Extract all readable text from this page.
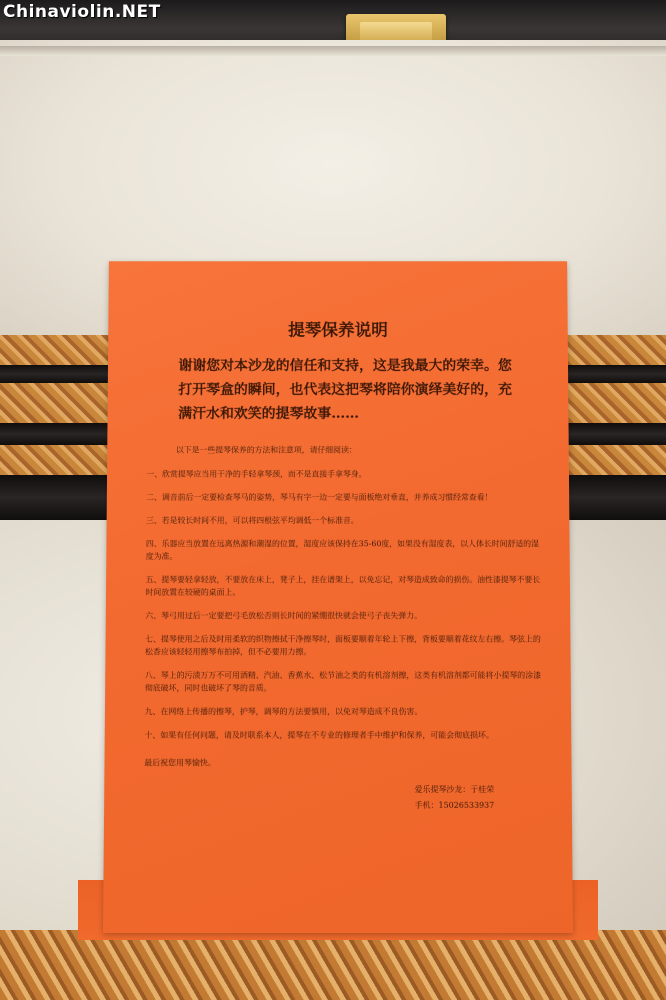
提琴保养说明
谢谢您对本沙龙的信任和支持，这是我最大的荣幸。您打开琴盒的瞬间，也代表这把琴将陪你演绎美好的，充满汗水和欢笑的提琴故事……
以下是一些提琴保养的方法和注意项，请仔细阅读：
一、欣赏提琴应当用干净的手轻拿琴颈，而不是直接手拿琴身。
二、调音前后一定要检查琴马的姿势，琴马有字一边一定要与面板绝对垂直，并养成习惯经常查看！
三、若是较长时间不用，可以将四根弦平均调低一个标准音。
四、乐器应当放置在远离热源和潮湿的位置，湿度应该保持在35-60度，如果没有湿度表，以人体长时间舒适的湿度为准。
五、提琴要轻拿轻放，不要放在床上，凳子上，挂在谱架上，以免忘记，对琴造成致命的损伤。油性漆提琴不要长时间放置在较硬的桌面上。
六、琴弓用过后一定要把弓毛放松否则长时间的紧绷很快就会使弓子丧失弹力。
七、提琴使用之后及时用柔软的织物擦拭干净擦琴时，面板要顺着年轮上下擦，背板要顺着花纹左右擦。琴弦上的松香应该轻轻用擦琴布拍掉，但不必要用力擦。
八、琴上的污渍万万不可用酒精、汽油、香蕉水、松节油之类的有机溶剂擦，这类有机溶剂都可能将小提琴的涂漆彻底破坏，同时也破坏了琴的音质。
九、在网络上传播的擦琴，护琴，调琴的方法要慎用，以免对琴造成不良伤害。
十、如果有任何问题，请及时联系本人，提琴在不专业的修理者手中维护和保养，可能会彻底损坏。
最后祝您用琴愉快。
爱乐提琴沙龙：于桂荣
手机：15026533937
Chinaviolin.NET
